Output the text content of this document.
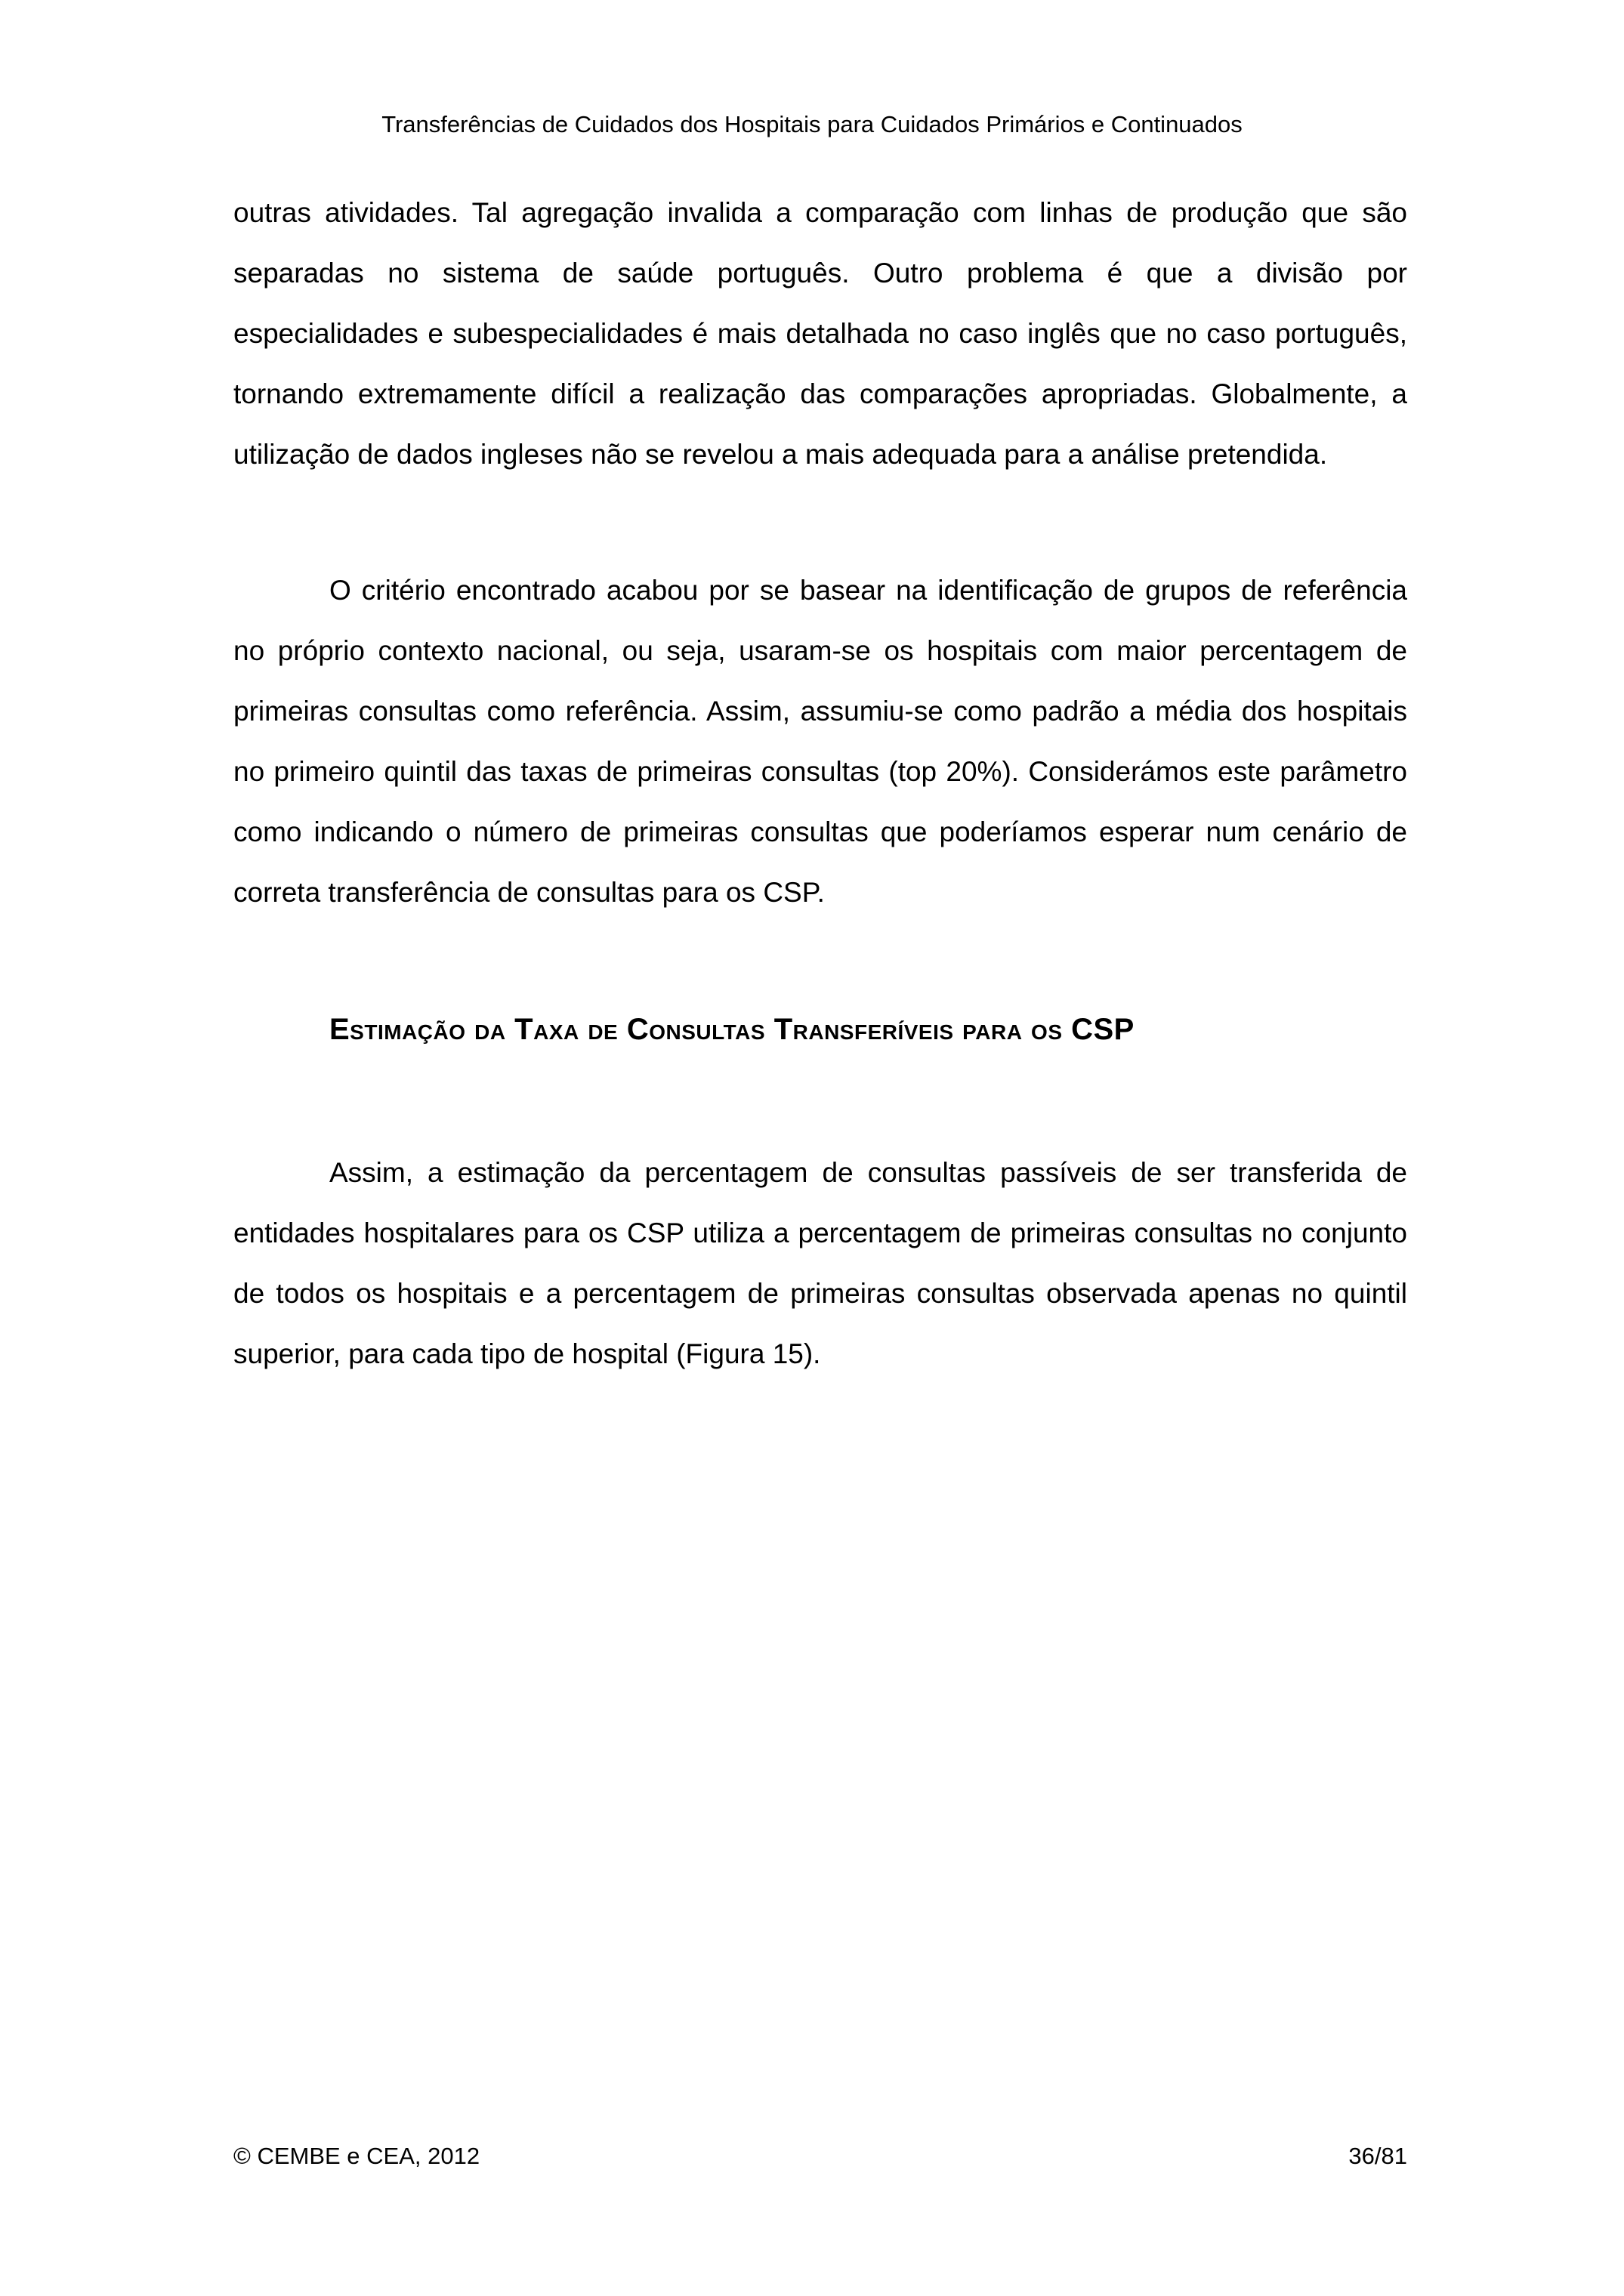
Transferências de Cuidados dos Hospitais para Cuidados Primários e Continuados

outras atividades. Tal agregação invalida a comparação com linhas de produção que são separadas no sistema de saúde português. Outro problema é que a divisão por especialidades e subespecialidades é mais detalhada no caso inglês que no caso português, tornando extremamente difícil a realização das comparações apropriadas. Globalmente, a utilização de dados ingleses não se revelou a mais adequada para a análise pretendida.

O critério encontrado acabou por se basear na identificação de grupos de referência no próprio contexto nacional, ou seja, usaram-se os hospitais com maior percentagem de primeiras consultas como referência. Assim, assumiu-se como padrão a média dos hospitais no primeiro quintil das taxas de primeiras consultas (top 20%). Considerámos este parâmetro como indicando o número de primeiras consultas que poderíamos esperar num cenário de correta transferência de consultas para os CSP.

Estimação da Taxa de Consultas Transferíveis para os CSP

Assim, a estimação da percentagem de consultas passíveis de ser transferida de entidades hospitalares para os CSP utiliza a percentagem de primeiras consultas no conjunto de todos os hospitais e a percentagem de primeiras consultas observada apenas no quintil superior, para cada tipo de hospital (Figura 15).

© CEMBE e CEA, 2012	36/81
